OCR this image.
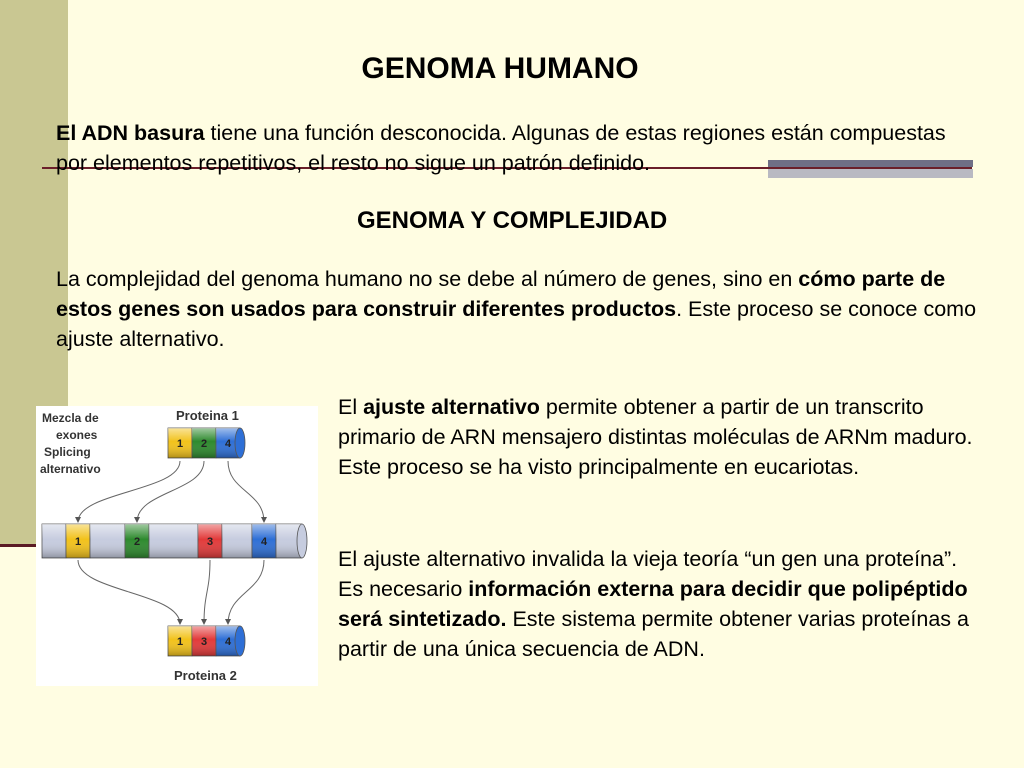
GENOMA HUMANO

El ADN basura tiene una función desconocida. Algunas de estas regiones están compuestas por elementos repetitivos, el resto no sigue un patrón definido.

GENOMA Y COMPLEJIDAD

La complejidad del genoma humano no se debe al número de genes, sino en cómo parte de estos genes son usados para construir diferentes productos. Este proceso se conoce como ajuste alternativo.

El ajuste alternativo permite obtener a partir de un transcrito primario de ARN mensajero distintas moléculas de ARNm maduro. Este proceso se ha visto principalmente en eucariotas.

El ajuste alternativo invalida la vieja teoría “un gen una proteína”. Es necesario información externa para decidir que polipéptido será sintetizado. Este sistema permite obtener varias proteínas a partir de una única secuencia de ADN.

Mezcla de
exones
Splicing
alternativo
Proteina 1
Proteina 2
1	2	3	4
1 2 4
1 3 4
